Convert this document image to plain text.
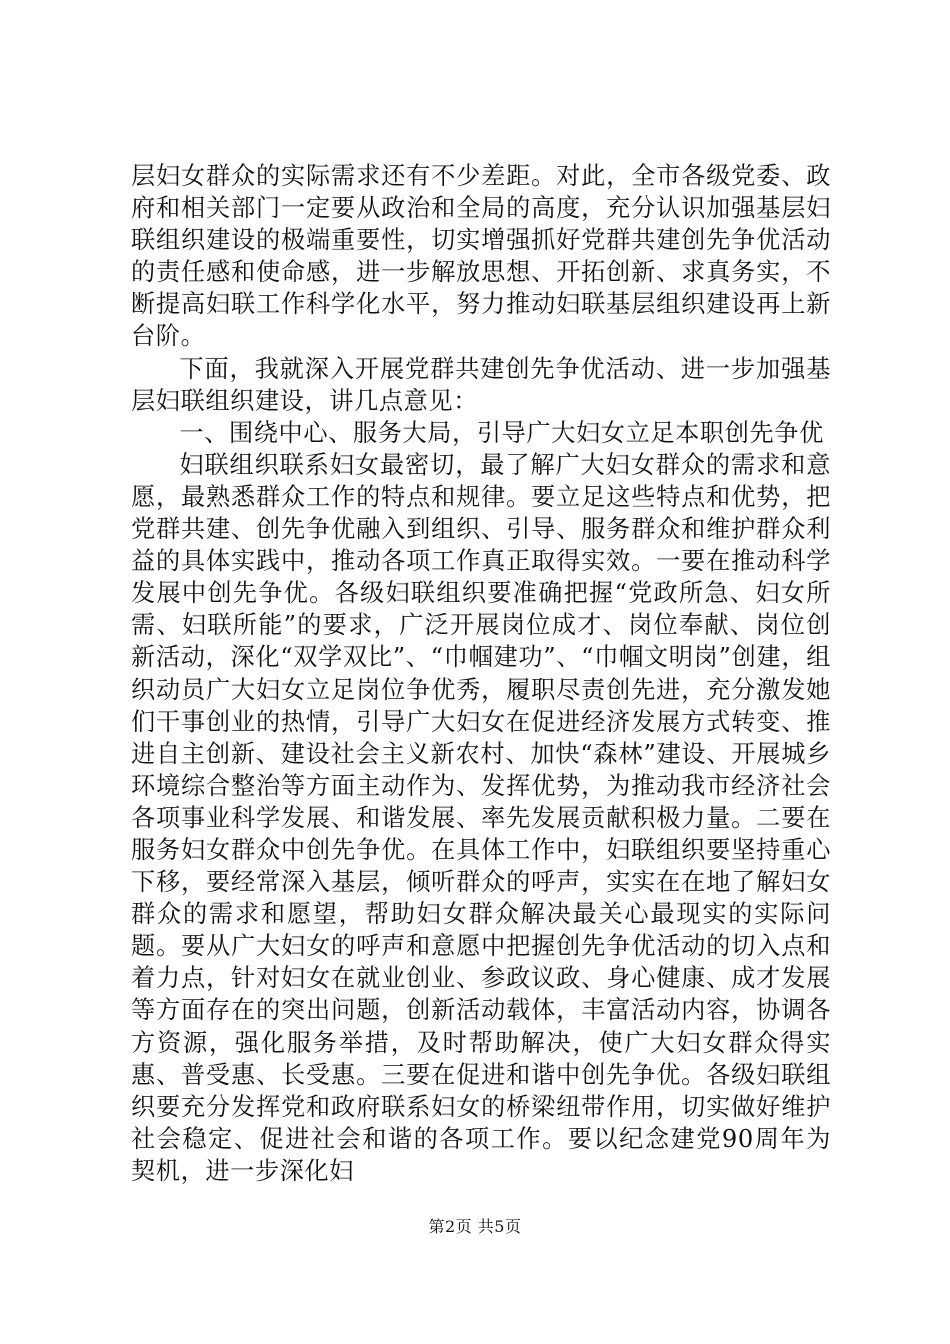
层妇女群众的实际需求还有不少差距。对此，全市各级党委、政府和相关部门一定要从政治和全局的高度，充分认识加强基层妇联组织建设的极端重要性，切实增强抓好党群共建创先争优活动的责任感和使命感，进一步解放思想、开拓创新、求真务实，不断提高妇联工作科学化水平，努力推动妇联基层组织建设再上新台阶。

下面，我就深入开展党群共建创先争优活动、进一步加强基层妇联组织建设，讲几点意见：

一、围绕中心、服务大局，引导广大妇女立足本职创先争优

妇联组织联系妇女最密切，最了解广大妇女群众的需求和意愿，最熟悉群众工作的特点和规律。要立足这些特点和优势，把党群共建、创先争优融入到组织、引导、服务群众和维护群众利益的具体实践中，推动各项工作真正取得实效。一要在推动科学发展中创先争优。各级妇联组织要准确把握“党政所急、妇女所需、妇联所能”的要求，广泛开展岗位成才、岗位奉献、岗位创新活动，深化“双学双比”、“巾帼建功”、“巾帼文明岗”创建，组织动员广大妇女立足岗位争优秀，履职尽责创先进，充分激发她们干事创业的热情，引导广大妇女在促进经济发展方式转变、推进自主创新、建设社会主义新农村、加快“森林”建设、开展城乡环境综合整治等方面主动作为、发挥优势，为推动我市经济社会各项事业科学发展、和谐发展、率先发展贡献积极力量。二要在服务妇女群众中创先争优。在具体工作中，妇联组织要坚持重心下移，要经常深入基层，倾听群众的呼声，实实在在地了解妇女群众的需求和愿望，帮助妇女群众解决最关心最现实的实际问题。要从广大妇女的呼声和意愿中把握创先争优活动的切入点和着力点，针对妇女在就业创业、参政议政、身心健康、成才发展等方面存在的突出问题，创新活动载体，丰富活动内容，协调各方资源，强化服务举措，及时帮助解决，使广大妇女群众得实惠、普受惠、长受惠。三要在促进和谐中创先争优。各级妇联组织要充分发挥党和政府联系妇女的桥梁纽带作用，切实做好维护社会稳定、促进社会和谐的各项工作。要以纪念建党90周年为契机，进一步深化妇

第2页 共5页
